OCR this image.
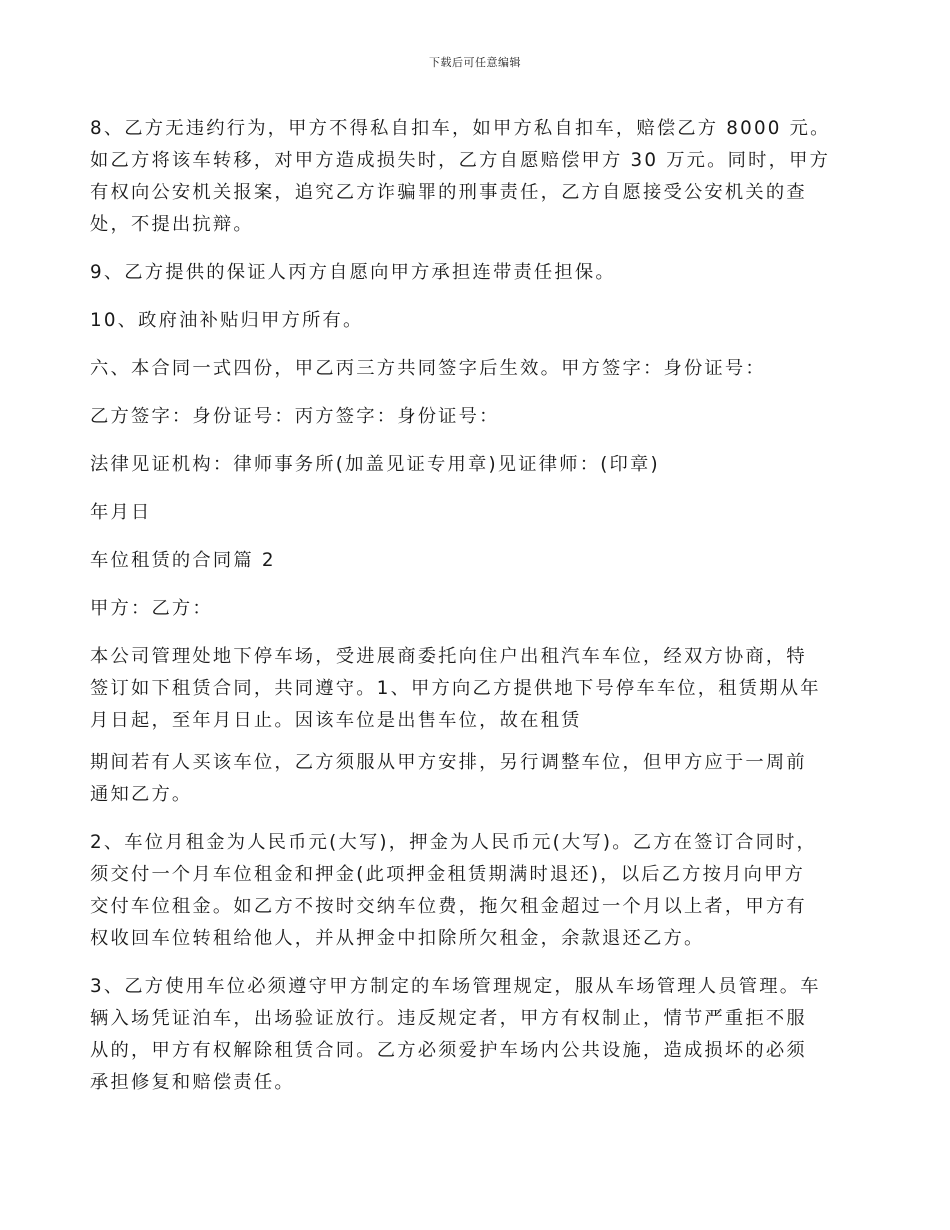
下载后可任意编辑

8、乙方无违约行为，甲方不得私自扣车，如甲方私自扣车，赔偿乙方 8000 元。
如乙方将该车转移，对甲方造成损失时，乙方自愿赔偿甲方 30 万元。同时，甲方
有权向公安机关报案，追究乙方诈骗罪的刑事责任，乙方自愿接受公安机关的查
处，不提出抗辩。

9、乙方提供的保证人丙方自愿向甲方承担连带责任担保。

10、政府油补贴归甲方所有。

六、本合同一式四份，甲乙丙三方共同签字后生效。甲方签字：身份证号：

乙方签字：身份证号：丙方签字：身份证号：

法律见证机构：律师事务所(加盖见证专用章)见证律师：(印章)

年月日

车位租赁的合同篇 2

甲方：乙方：

本公司管理处地下停车场，受进展商委托向住户出租汽车车位，经双方协商，特
签订如下租赁合同，共同遵守。1、甲方向乙方提供地下号停车车位，租赁期从年
月日起，至年月日止。因该车位是出售车位，故在租赁

期间若有人买该车位，乙方须服从甲方安排，另行调整车位，但甲方应于一周前
通知乙方。

2、车位月租金为人民币元(大写)，押金为人民币元(大写)。乙方在签订合同时，
须交付一个月车位租金和押金(此项押金租赁期满时退还)，以后乙方按月向甲方
交付车位租金。如乙方不按时交纳车位费，拖欠租金超过一个月以上者，甲方有
权收回车位转租给他人，并从押金中扣除所欠租金，余款退还乙方。

3、乙方使用车位必须遵守甲方制定的车场管理规定，服从车场管理人员管理。车
辆入场凭证泊车，出场验证放行。违反规定者，甲方有权制止，情节严重拒不服
从的，甲方有权解除租赁合同。乙方必须爱护车场内公共设施，造成损坏的必须
承担修复和赔偿责任。
